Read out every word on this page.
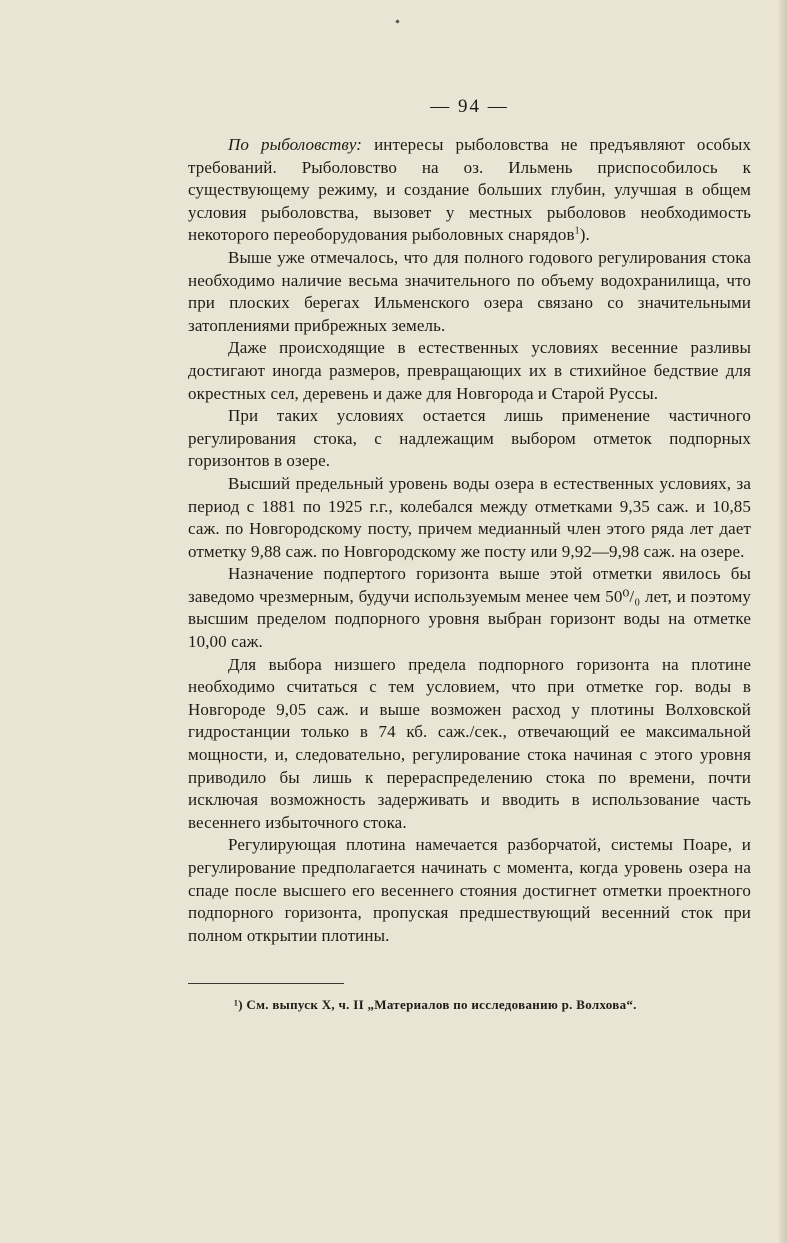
— 94 —

По рыболовству: интересы рыболовства не предъявляют особых требований. Рыболовство на оз. Ильмень приспособилось к существующему режиму, и создание больших глубин, улучшая в общем условия рыболовства, вызовет у местных рыболовов необходимость некоторого переоборудования рыболовных снарядов$^1$).

Выше уже отмечалось, что для полного годового регулирования стока необходимо наличие весьма значительного по объему водохранилища, что при плоских берегах Ильменского озера связано со значительными затоплениями прибрежных земель.

Даже происходящие в естественных условиях весенние разливы достигают иногда размеров, превращающих их в стихийное бедствие для окрестных сел, деревень и даже для Новгорода и Старой Руссы.

При таких условиях остается лишь применение частичного регулирования стока, с надлежащим выбором отметок подпорных горизонтов в озере.

Высший предельный уровень воды озера в естественных условиях, за период с 1881 по 1925 г.г., колебался между отметками 9,35 саж. и 10,85 саж. по Новгородскому посту, причем медианный член этого ряда лет дает отметку 9,88 саж. по Новгородскому же посту или 9,92—9,98 саж. на озере.

Назначение подпертого горизонта выше этой отметки явилось бы заведомо чрезмерным, будучи используемым менее чем 50⁰/₀ лет, и поэтому высшим пределом подпорного уровня выбран горизонт воды на отметке 10,00 саж.

Для выбора низшего предела подпорного горизонта на плотине необходимо считаться с тем условием, что при отметке гор. воды в Новгороде 9,05 саж. и выше возможен расход у плотины Волховской гидростанции только в 74 кб. саж./сек., отвечающий ее максимальной мощности, и, следовательно, регулирование стока начиная с этого уровня приводило бы лишь к перераспределению стока по времени, почти исключая возможность задерживать и вводить в использование часть весеннего избыточного стока.

Регулирующая плотина намечается разборчатой, системы Поаре, и регулирование предполагается начинать с момента, когда уровень озера на спаде после высшего его весеннего стояния достигнет отметки проектного подпорного горизонта, пропуская предшествующий весенний сток при полном открытии плотины.

¹) См. выпуск X, ч. II „Материалов по исследованию р. Волхова“.
